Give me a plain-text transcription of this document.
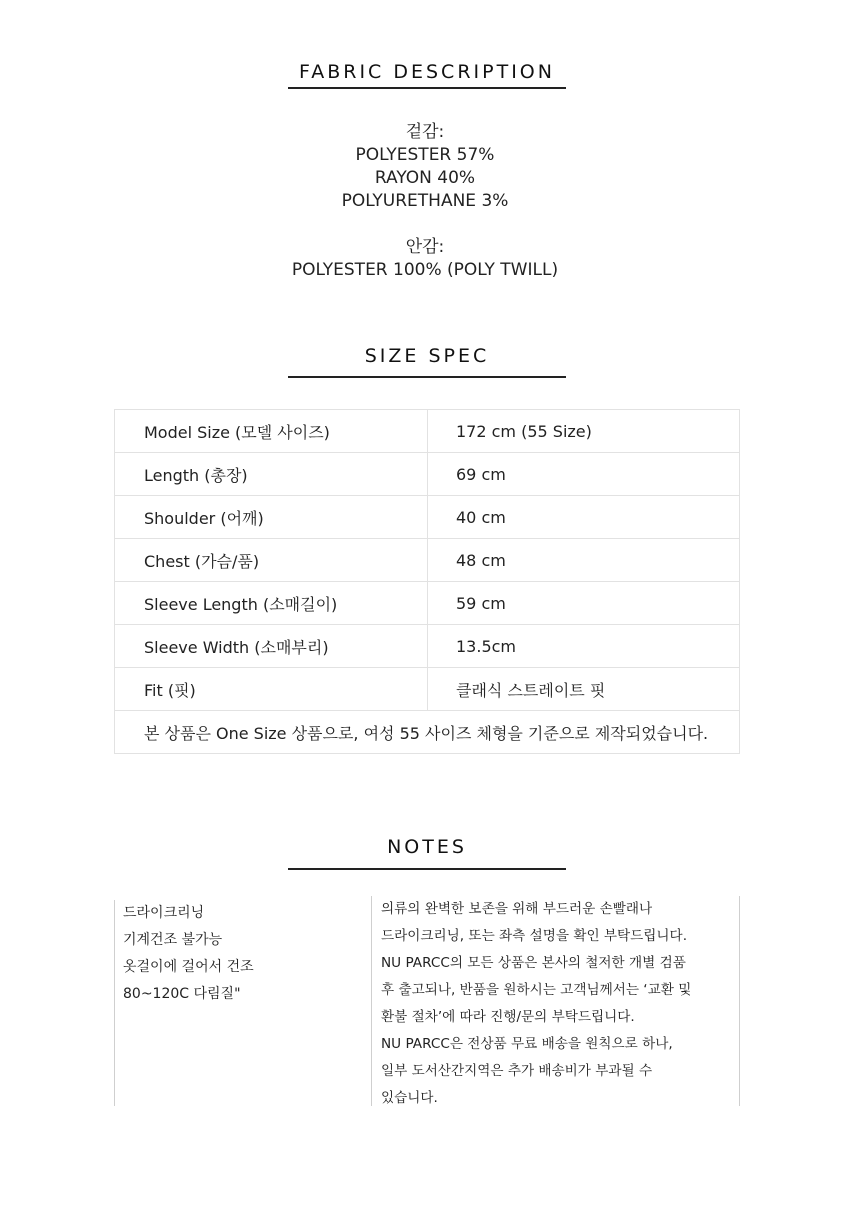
FABRIC DESCRIPTION
겉감:
POLYESTER 57%
RAYON 40%
POLYURETHANE 3%
안감:
POLYESTER 100% (POLY TWILL)
SIZE SPEC
Model Size (모델 사이즈)	172 cm (55 Size)
Length (총장)	69 cm
Shoulder (어깨)	40 cm
Chest (가슴/품)	48 cm
Sleeve Length (소매길이)	59 cm
Sleeve Width (소매부리)	13.5cm
Fit (핏)	클래식 스트레이트 핏
본 상품은 One Size 상품으로, 여성 55 사이즈 체형을 기준으로 제작되었습니다.	
NOTES
드라이크리닝
기계건조 불가능
옷걸이에 걸어서 건조
80~120C 다림질"
의류의 완벽한 보존을 위해 부드러운 손빨래나
드라이크리닝, 또는 좌측 설명을 확인 부탁드립니다.
NU PARCC의 모든 상품은 본사의 철저한 개별 검품
후 출고되나, 반품을 원하시는 고객님께서는 ‘교환 및
환불 절차’에 따라 진행/문의 부탁드립니다.
NU PARCC은 전상품 무료 배송을 원칙으로 하나,
일부 도서산간지역은 추가 배송비가 부과될 수
있습니다.
